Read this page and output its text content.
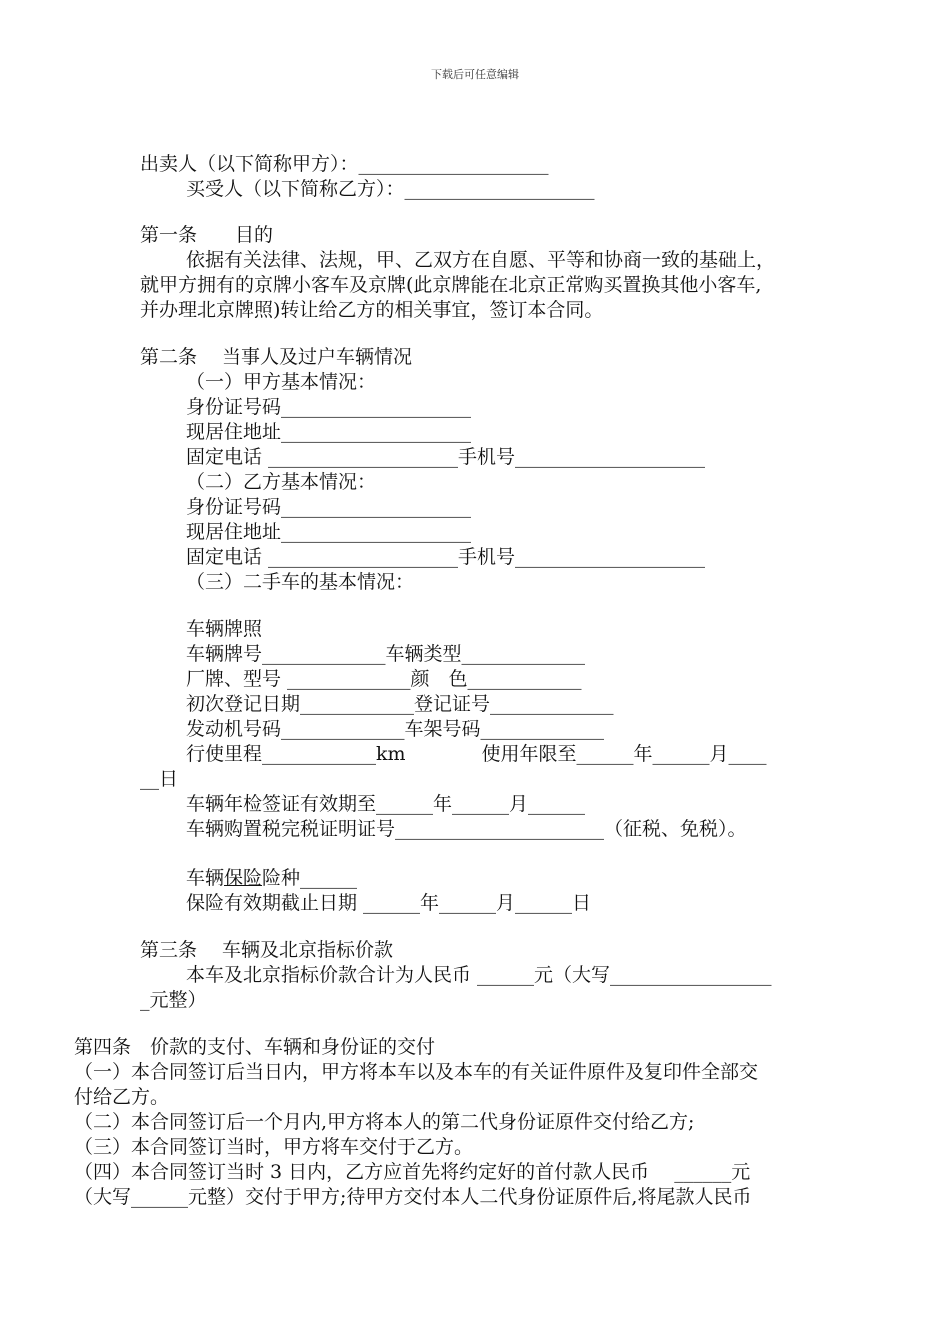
下载后可任意编辑
出卖人（以下简称甲方）：____________________
买受人（以下简称乙方）：____________________
第一条　　目的
依据有关法律、法规，甲、乙双方在自愿、平等和协商一致的基础上，
就甲方拥有的京牌小客车及京牌(此京牌能在北京正常购买置换其他小客车,
并办理北京牌照)转让给乙方的相关事宜，签订本合同。
第二条　 当事人及过户车辆情况
（一）甲方基本情况：
身份证号码____________________
现居住地址____________________
固定电话 ____________________手机号____________________
（二）乙方基本情况：
身份证号码____________________
现居住地址____________________
固定电话 ____________________手机号____________________
（三）二手车的基本情况：
车辆牌照
车辆牌号_____________车辆类型_____________
厂牌、型号 _____________颜　色____________
初次登记日期____________登记证号_____________
发动机号码_____________车架号码_____________
行使里程____________km　　　　使用年限至______年______月____
__日
车辆年检签证有效期至______年______月______
车辆购置税完税证明证号______________________（征税、免税）。
车辆保险险种______
保险有效期截止日期 ______年______月______日
第三条　 车辆及北京指标价款
本车及北京指标价款合计为人民币 ______元（大写_________________
_元整）
第四条　价款的支付、车辆和身份证的交付
（一）本合同签订后当日内，甲方将本车以及本车的有关证件原件及复印件全部交
付给乙方。
（二）本合同签订后一个月内,甲方将本人的第二代身份证原件交付给乙方;
（三）本合同签订当时，甲方将车交付于乙方。
（四）本合同签订当时 3 日内，乙方应首先将约定好的首付款人民币　 ______元
（大写______元整）交付于甲方;待甲方交付本人二代身份证原件后,将尾款人民币
